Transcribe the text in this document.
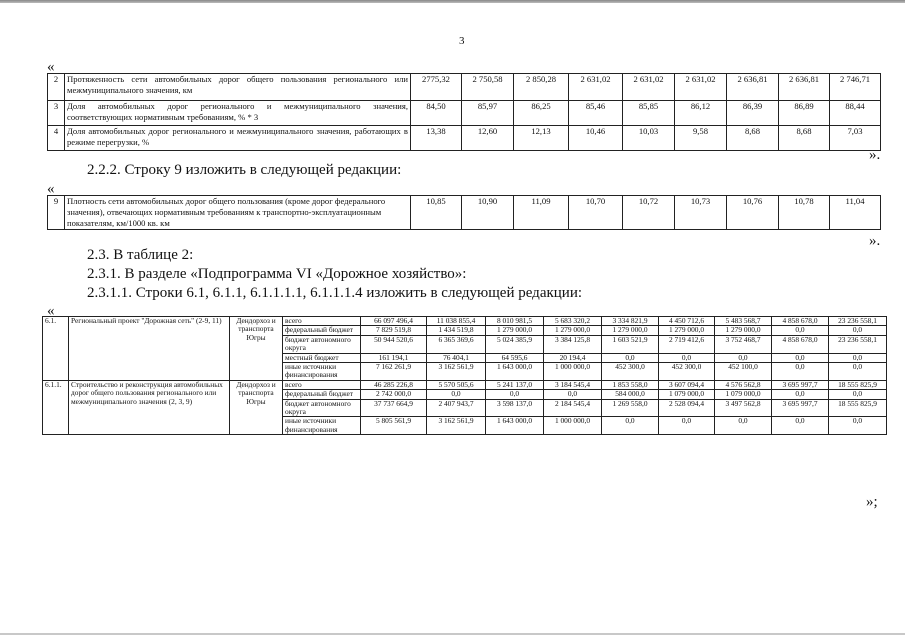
3
«
2	Протяженность сети автомобильных дорог общего пользования регионального или межмуниципального значения, км	2775,32	2 750,58	2 850,28	2 631,02	2 631,02	2 631,02	2 636,81	2 636,81	2 746,71
3	Доля автомобильных дорог регионального и межмуниципального значения, соответствующих нормативным требованиям, % * 3	84,50	85,97	86,25	85,46	85,85	86,12	86,39	86,89	88,44
4	Доля автомобильных дорог регионального и межмуниципального значения, работающих в режиме перегрузки, %	13,38	12,60	12,13	10,46	10,03	9,58	8,68	8,68	7,03
».
2.2.2. Строку 9 изложить в следующей редакции:
«
9	Плотность сети автомобильных дорог общего пользования (кроме дорог федерального значения), отвечающих нормативным требованиям к транспортно-эксплуатационным показателям, км/1000 кв. км	10,85	10,90	11,09	10,70	10,72	10,73	10,76	10,78	11,04
».
2.3. В таблице 2:
2.3.1. В разделе «Подпрограмма VI «Дорожное хозяйство»:
2.3.1.1. Строки 6.1, 6.1.1, 6.1.1.1.1, 6.1.1.1.4 изложить в следующей редакции:
«
6.1.	Региональный проект "Дорожная сеть" (2-9, 11)	Дендорхоз и транспорта Югры	всего	66 097 496,4	11 038 855,4	8 010 981,5	5 683 320,2	3 334 821,9	4 450 712,6	5 483 568,7	4 858 678,0	23 236 558,1
			федеральный бюджет	7 829 519,8	1 434 519,8	1 279 000,0	1 279 000,0	1 279 000,0	1 279 000,0	1 279 000,0	0,0	0,0
			бюджет автономного округа	50 944 520,6	6 365 369,6	5 024 385,9	3 384 125,8	1 603 521,9	2 719 412,6	3 752 468,7	4 858 678,0	23 236 558,1
			местный бюджет	161 194,1	76 404,1	64 595,6	20 194,4	0,0	0,0	0,0	0,0	0,0
			иные источники финансирования	7 162 261,9	3 162 561,9	1 643 000,0	1 000 000,0	452 300,0	452 300,0	452 100,0	0,0	0,0
6.1.1.	Строительство и реконструкция автомобильных дорог общего пользования регионального или межмуниципального значения (2, 3, 9)	Дендорхоз и транспорта Югры	всего	46 285 226,8	5 570 505,6	5 241 137,0	3 184 545,4	1 853 558,0	3 607 094,4	4 576 562,8	3 695 997,7	18 555 825,9
			федеральный бюджет	2 742 000,0	0,0	0,0	0,0	584 000,0	1 079 000,0	1 079 000,0	0,0	0,0
			бюджет автономного округа	37 737 664,9	2 407 943,7	3 598 137,0	2 184 545,4	1 269 558,0	2 528 094,4	3 497 562,8	3 695 997,7	18 555 825,9
			иные источники финансирования	5 805 561,9	3 162 561,9	1 643 000,0	1 000 000,0	0,0	0,0	0,0	0,0	0,0
»;
